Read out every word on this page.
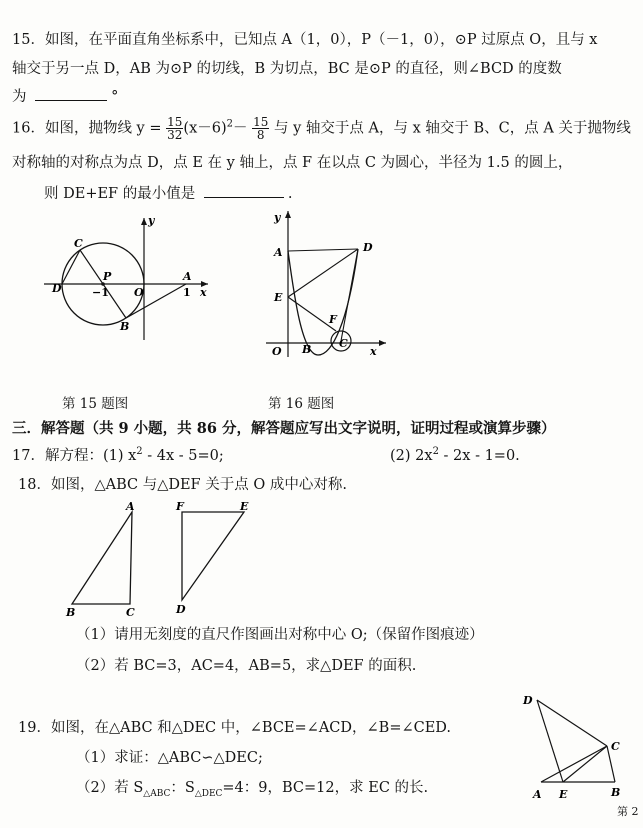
15．如图，在平面直角坐标系中，已知点 A（1，0），P（－1，0），⊙P 过原点 O，且与 x
轴交于另一点 D，AB 为⊙P 的切线，B 为切点，BC 是⊙P 的直径，则∠BCD 的度数
为	°
16．如图，抛物线 $y = \frac{15}{32} (x-6)^2- \frac{15}{8}$ 与 y 轴交于点 A，与 x 轴交于 B、C，点 A 关于抛物线
对称轴的对称点为点 D，点 E 在 y 轴上，点 F 在以点 C 为圆心，半径为 1.5 的圆上，
则 DE+EF 的最小值是	.
C
D
P
−1 O
A
1 x
y
B
y
A	D
E
F
O B	C
x
第 15 题图	第 16 题图
三．解答题（共 9 小题，共 86 分，解答题应写出文字说明，证明过程或演算步骤）
17．解方程：(1) $x^2 - 4x - 5=0$;	(2) $2x^2 - 2x - 1=0$.
18．如图，△ABC 与△DEF 关于点 O 成中心对称.
A
B	C
F	E
D
（1）请用无刻度的直尺作图画出对称中心 O;（保留作图痕迹）
（2）若 BC=3，AC=4，AB=5，求△DEF 的面积.
19．如图，在△ABC 和△DEC 中，∠BCE=∠ACD，∠B=∠CED.
（1）求证：△ABC∽△DEC;
（2）若 $S_{\triangle ABC}$：$S_{\triangle DEC}=4$：9，BC=12，求 EC 的长.
D
C
A E	B
第 2
